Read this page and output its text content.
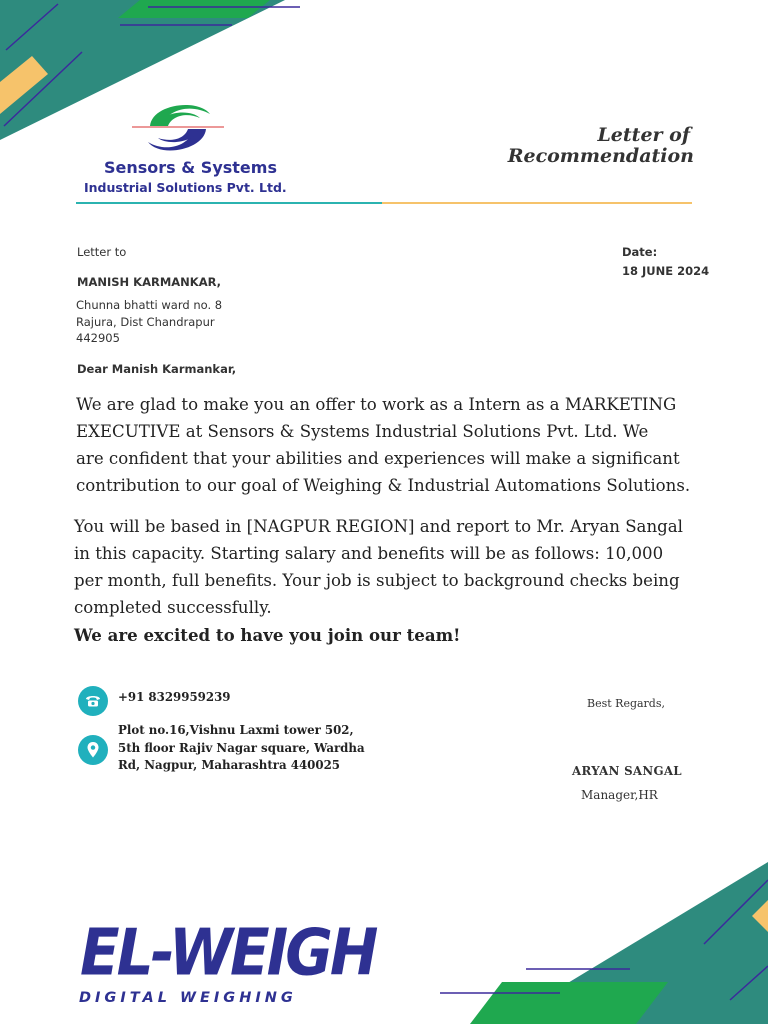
Sensors & Systems
Industrial Solutions Pvt. Ltd.
Letter of
Recommendation
Letter to
MANISH KARMANKAR,
Chunna bhatti ward no. 8
Rajura, Dist Chandrapur
442905
Date:
18 JUNE 2024
Dear Manish Karmankar,
We are glad to make you an offer to work as a Intern as a MARKETING
EXECUTIVE at Sensors & Systems Industrial Solutions Pvt. Ltd. We
are confident that your abilities and experiences will make a significant
contribution to our goal of Weighing & Industrial Automations Solutions.
You will be based in [NAGPUR REGION] and report to Mr. Aryan Sangal
in this capacity. Starting salary and benefits will be as follows: 10,000
per month, full benefits. Your job is subject to background checks being
completed successfully.
We are excited to have you join our team!
+91 8329959239
Plot no.16,Vishnu Laxmi tower 502,
5th floor Rajiv Nagar square, Wardha
Rd, Nagpur, Maharashtra 440025
Best Regards,
ARYAN SANGAL
Manager,HR
EL-WEIGH
DIGITAL WEIGHING
